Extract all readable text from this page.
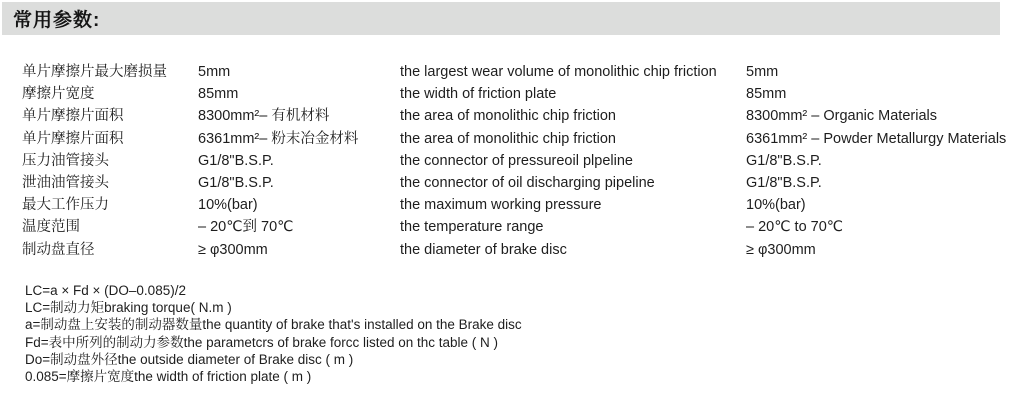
常用参数:
单片摩擦片最大磨损量	5mm	the largest wear volume of monolithic chip friction	5mm
摩擦片宽度	85mm	the width of friction plate	85mm
单片摩擦片面积	8300mm²– 有机材料	the area of monolithic chip friction	8300mm² – Organic Materials
单片摩擦片面积	6361mm²– 粉末冶金材料	the area of monolithic chip friction	6361mm² – Powder Metallurgy Materials
压力油管接头	G1/8"B.S.P.	the connector of pressureoil plpeline	G1/8"B.S.P.
泄油油管接头	G1/8"B.S.P.	the connector of oil discharging pipeline	G1/8"B.S.P.
最大工作压力	10%(bar)	the maximum working pressure	10%(bar)
温度范围	– 20℃到 70℃	the temperature range	– 20℃ to 70℃
制动盘直径	≥ φ300mm	the diameter of brake disc	≥ φ300mm
LC=a × Fd × (DO–0.085)/2
LC=制动力矩braking torque( N.m )
a=制动盘上安装的制动器数量the quantity of brake that's installed on the Brake disc
Fd=表中所列的制动力参数the parametcrs of brake forcc listed on thc table ( N )
Do=制动盘外径the outside diameter of Brake disc ( m )
0.085=摩擦片宽度the width of friction plate ( m )
